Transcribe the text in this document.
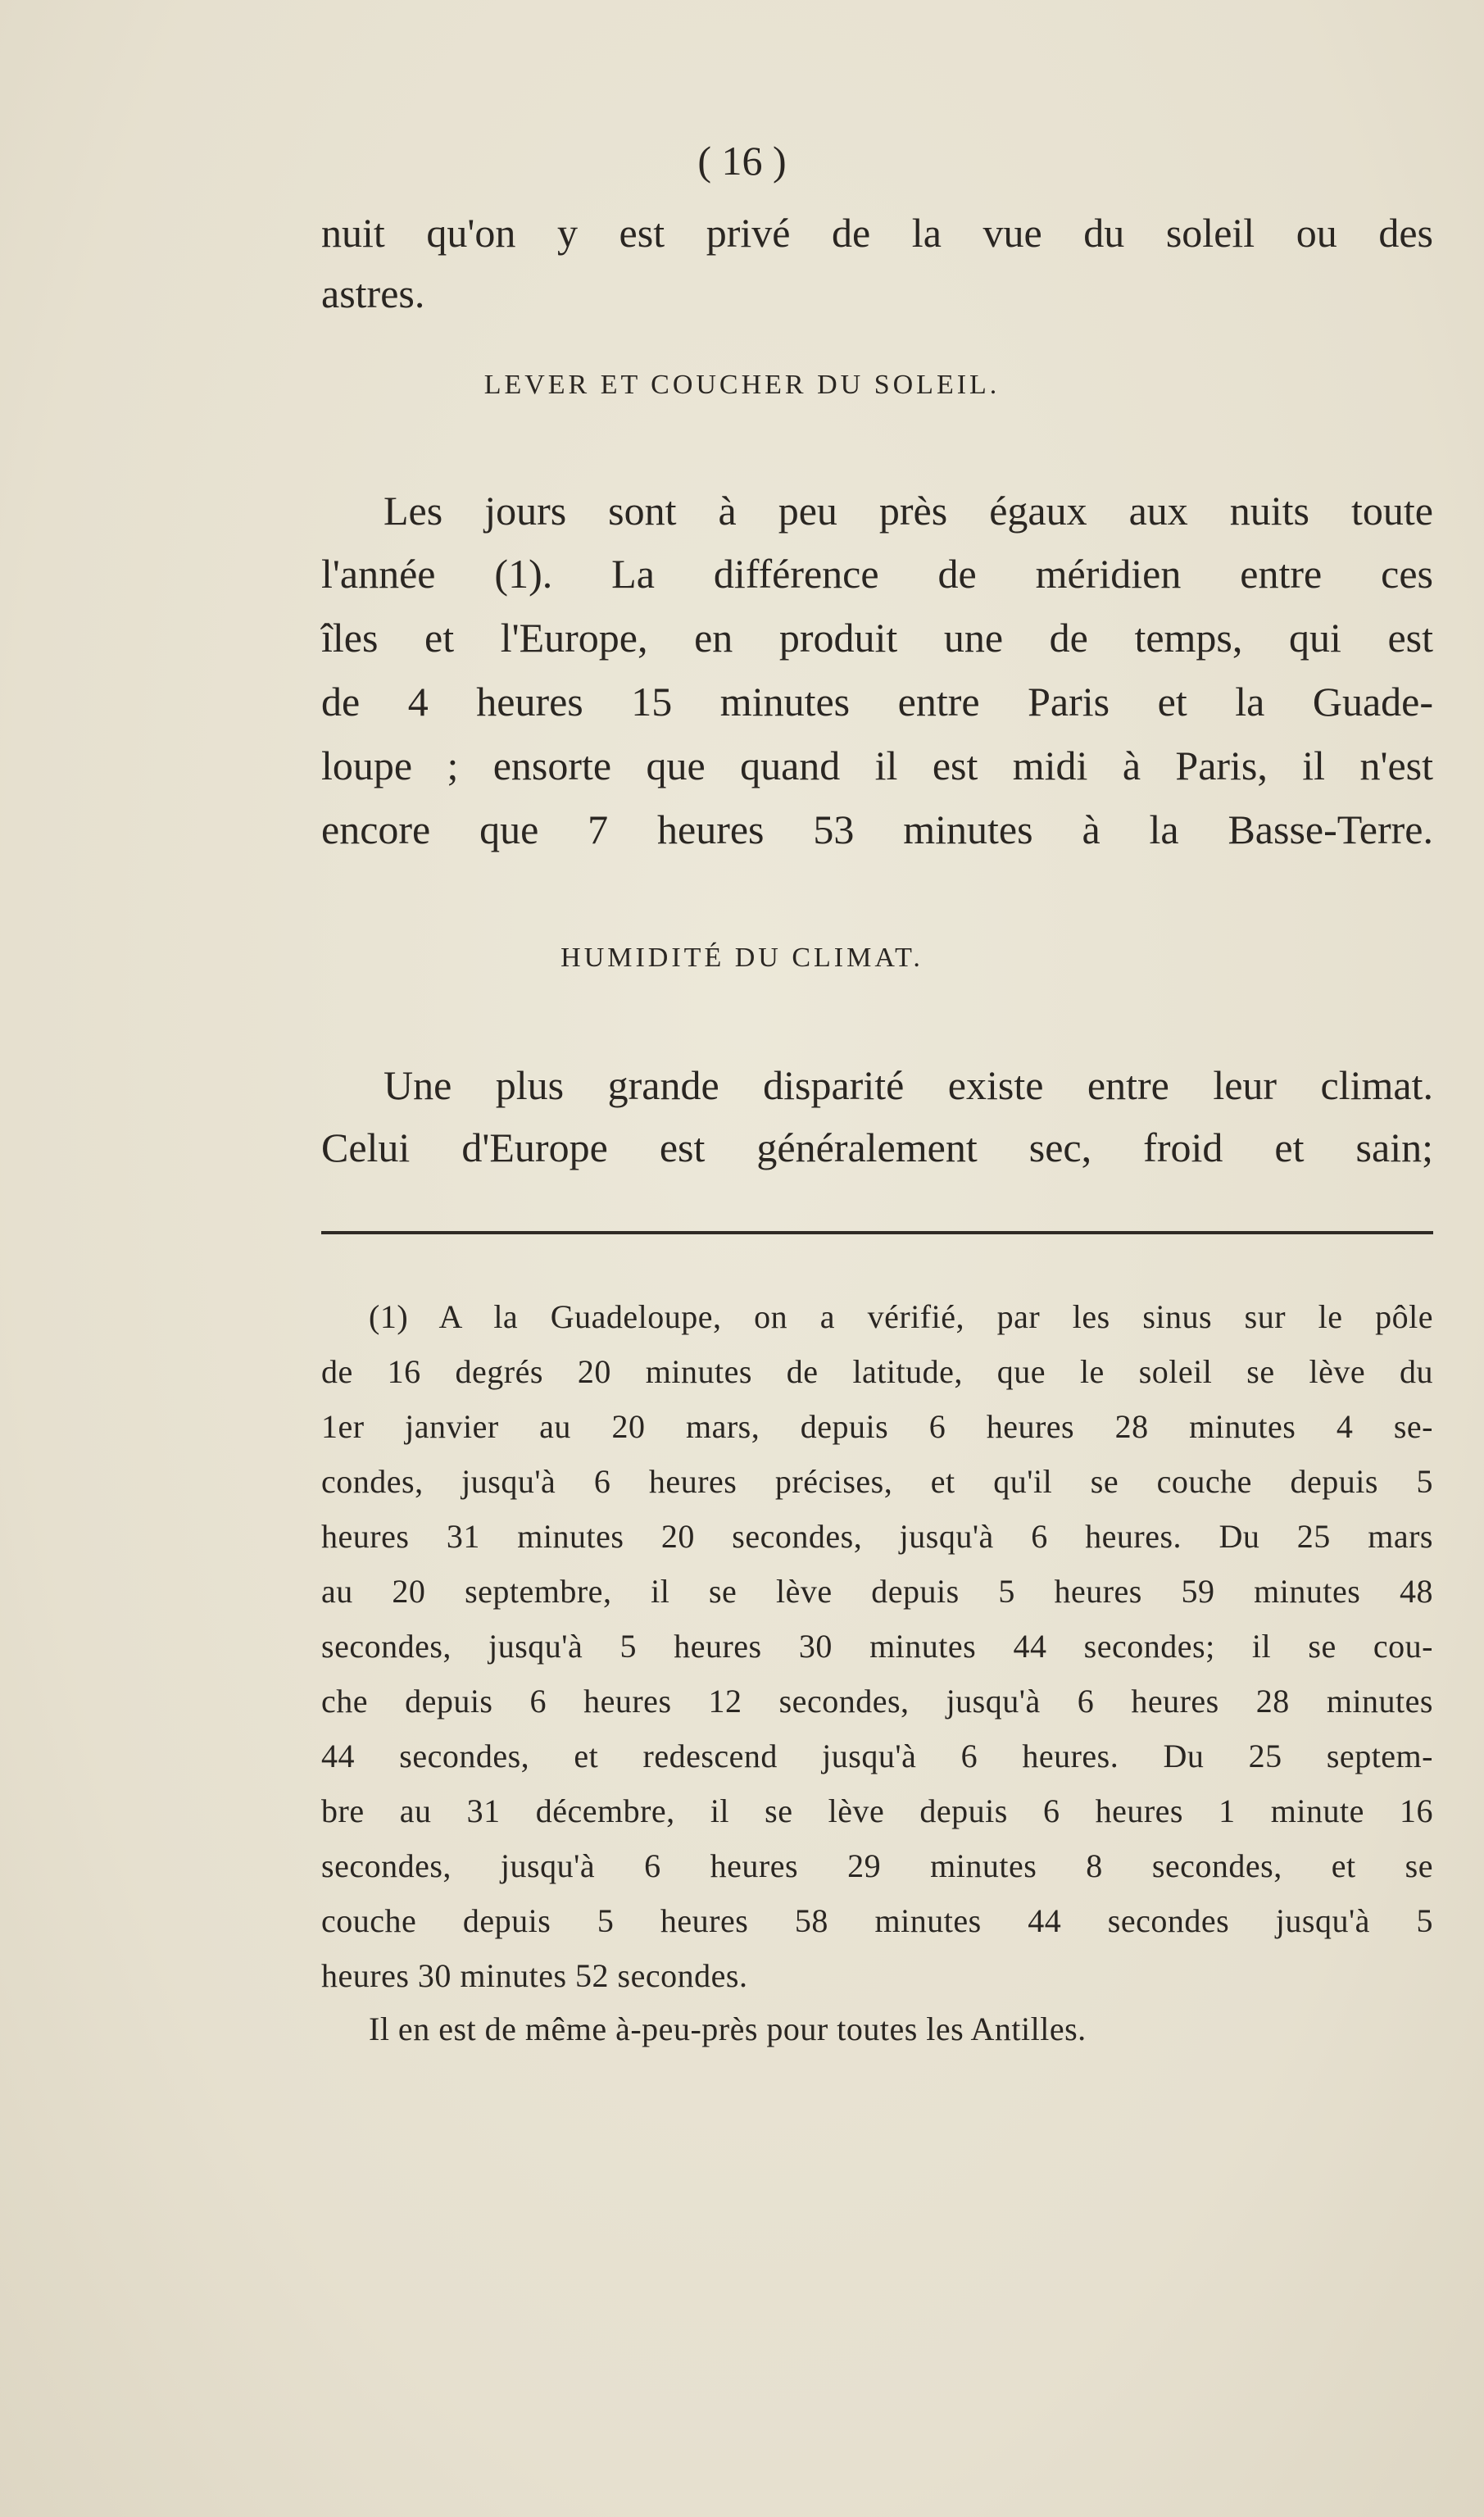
( 16 )
nuit qu'on y est privé de la vue du soleil ou des
astres.
LEVER ET COUCHER DU SOLEIL.
Les jours sont à peu près égaux aux nuits toute
l'année (1). La différence de méridien entre ces
îles et l'Europe, en produit une de temps, qui est
de 4 heures 15 minutes entre Paris et la Guade-
loupe ; ensorte que quand il est midi à Paris, il n'est
encore que 7 heures 53 minutes à la Basse-Terre.
HUMIDITÉ DU CLIMAT.
Une plus grande disparité existe entre leur climat.
Celui d'Europe est généralement sec, froid et sain;
(1) A la Guadeloupe, on a vérifié, par les sinus sur le pôle
de 16 degrés 20 minutes de latitude, que le soleil se lève du
1er janvier au 20 mars, depuis 6 heures 28 minutes 4 se-
condes, jusqu'à 6 heures précises, et qu'il se couche depuis 5
heures 31 minutes 20 secondes, jusqu'à 6 heures. Du 25 mars
au 20 septembre, il se lève depuis 5 heures 59 minutes 48
secondes, jusqu'à 5 heures 30 minutes 44 secondes; il se cou-
che depuis 6 heures 12 secondes, jusqu'à 6 heures 28 minutes
44 secondes, et redescend jusqu'à 6 heures. Du 25 septem-
bre au 31 décembre, il se lève depuis 6 heures 1 minute 16
secondes, jusqu'à 6 heures 29 minutes 8 secondes, et se
couche depuis 5 heures 58 minutes 44 secondes jusqu'à 5
heures 30 minutes 52 secondes.
Il en est de même à-peu-près pour toutes les Antilles.
